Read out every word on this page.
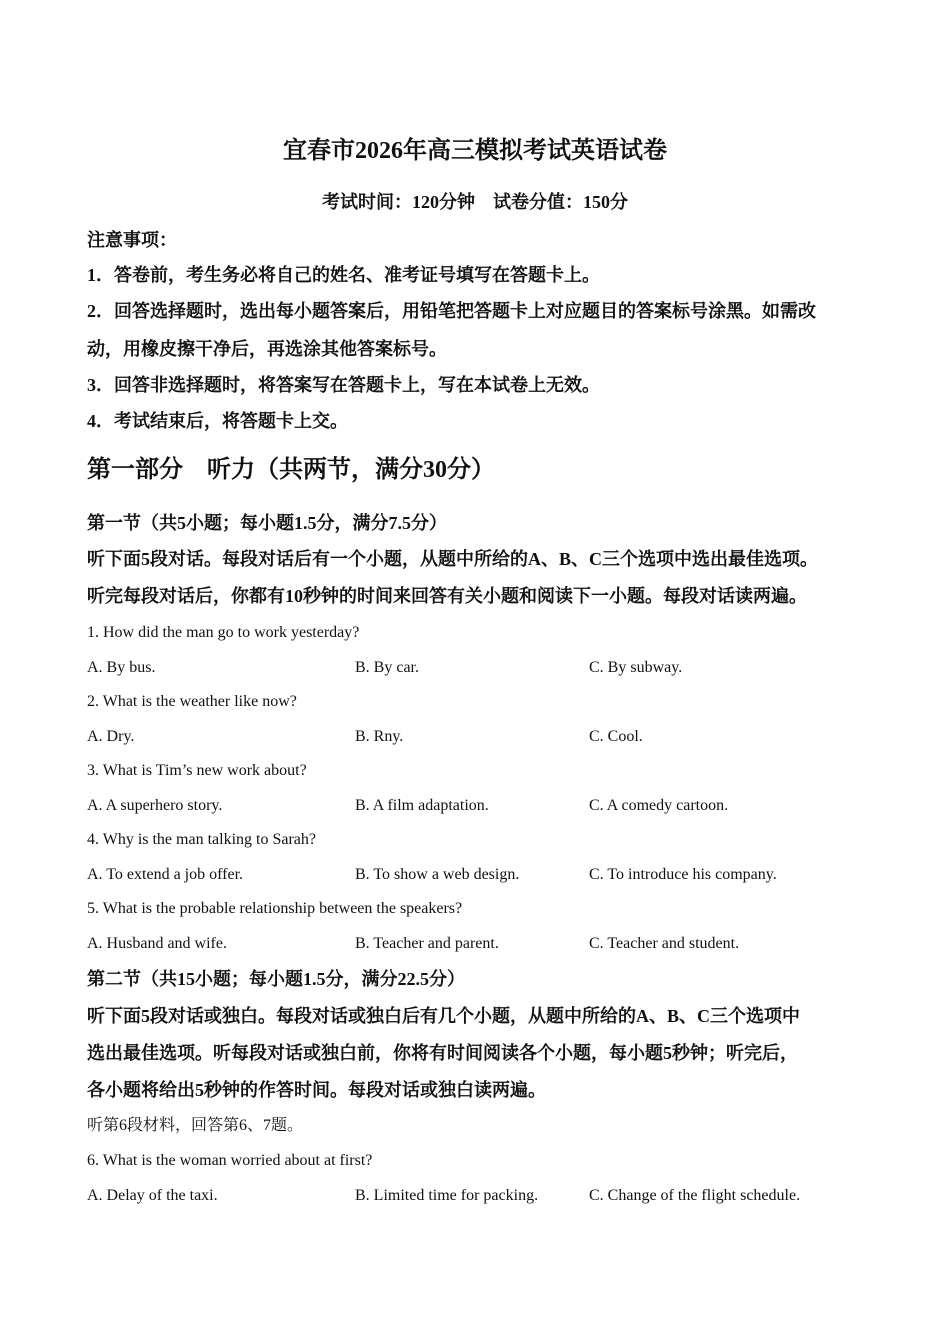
宜春市2026年高三模拟考试英语试卷
考试时间：120分钟　试卷分值：150分
注意事项：
1．答卷前，考生务必将自己的姓名、准考证号填写在答题卡上。
2．回答选择题时，选出每小题答案后，用铅笔把答题卡上对应题目的答案标号涂黑。如需改
动，用橡皮擦干净后，再选涂其他答案标号。
3．回答非选择题时，将答案写在答题卡上，写在本试卷上无效。
4．考试结束后，将答题卡上交。
第一部分　听力（共两节，满分30分）
第一节（共5小题；每小题1.5分，满分7.5分）
听下面5段对话。每段对话后有一个小题，从题中所给的A、B、C三个选项中选出最佳选项。
听完每段对话后，你都有10秒钟的时间来回答有关小题和阅读下一小题。每段对话读两遍。
1. How did the man go to work yesterday?
A. By bus.	B. By car.	C. By subway.
2. What is the weather like now?
A. Dry.	B. Rny.	C. Cool.
3. What is Tim’s new work about?
A. A superhero story.	B. A film adaptation.	C. A comedy cartoon.
4. Why is the man talking to Sarah?
A. To extend a job offer.	B. To show a web design.	C. To introduce his company.
5. What is the probable relationship between the speakers?
A. Husband and wife.	B. Teacher and parent.	C. Teacher and student.
第二节（共15小题；每小题1.5分，满分22.5分）
听下面5段对话或独白。每段对话或独白后有几个小题，从题中所给的A、B、C三个选项中
选出最佳选项。听每段对话或独白前，你将有时间阅读各个小题，每小题5秒钟；听完后，
各小题将给出5秒钟的作答时间。每段对话或独白读两遍。
听第6段材料，回答第6、7题。
6. What is the woman worried about at first?
A. Delay of the taxi.	B. Limited time for packing.	C. Change of the flight schedule.
